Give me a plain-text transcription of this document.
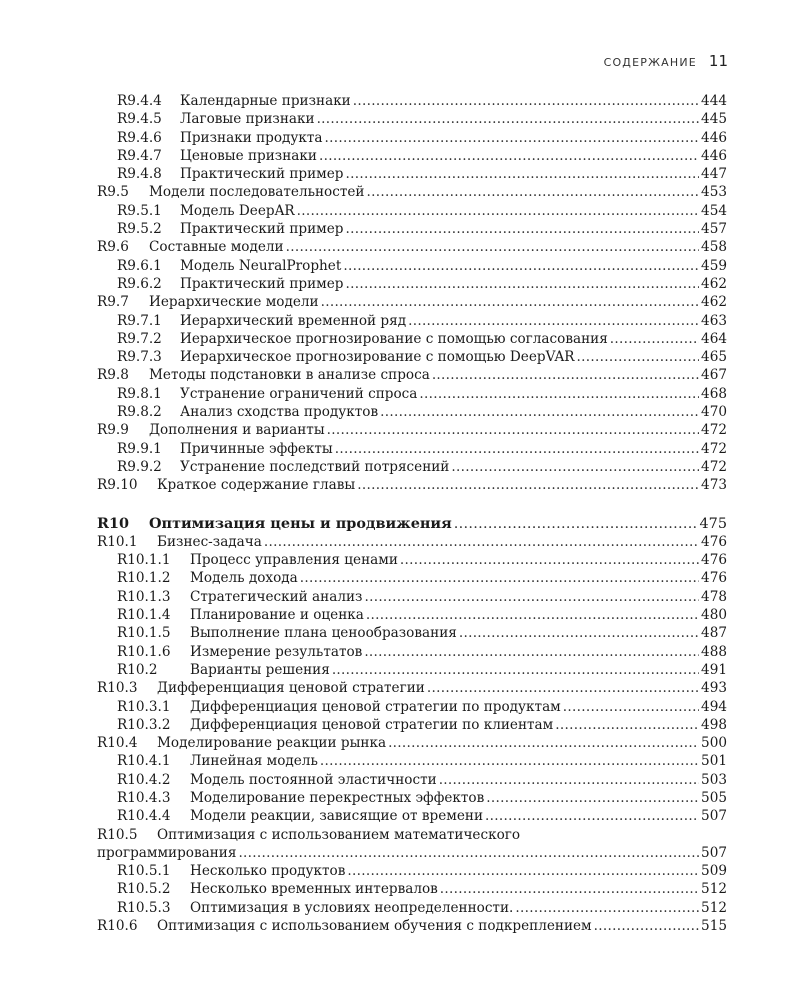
СОДЕРЖАНИЕ 11
R9.4.4	Календарные признаки .....	444
R9.4.5	Лаговые признаки .....	445
R9.4.6	Признаки продукта .....	446
R9.4.7	Ценовые признаки .....	446
R9.4.8	Практический пример .....	447
R9.5	Модели последовательностей .....	453
R9.5.1	Модель DeepAR .....	454
R9.5.2	Практический пример .....	457
R9.6	Составные модели .....	458
R9.6.1	Модель NeuralProphet .....	459
R9.6.2	Практический пример .....	462
R9.7	Иерархические модели .....	462
R9.7.1	Иерархический временной ряд .....	463
R9.7.2	Иерархическое прогнозирование с помощью согласования .....	464
R9.7.3	Иерархическое прогнозирование с помощью DeepVAR .....	465
R9.8	Методы подстановки в анализе спроса .....	467
R9.8.1	Устранение ограничений спроса .....	468
R9.8.2	Анализ сходства продуктов .....	470
R9.9	Дополнения и варианты .....	472
R9.9.1	Причинные эффекты .....	472
R9.9.2	Устранение последствий потрясений .....	472
R9.10	Краткое содержание главы .....	473
R10	Оптимизация цены и продвижения .....	475
R10.1	Бизнес-задача .....	476
R10.1.1	Процесс управления ценами .....	476
R10.1.2	Модель дохода .....	476
R10.1.3	Стратегический анализ .....	478
R10.1.4	Планирование и оценка .....	480
R10.1.5	Выполнение плана ценообразования .....	487
R10.1.6	Измерение результатов .....	488
R10.2	Варианты решения .....	491
R10.3	Дифференциация ценовой стратегии .....	493
R10.3.1	Дифференциация ценовой стратегии по продуктам .....	494
R10.3.2	Дифференциация ценовой стратегии по клиентам .....	498
R10.4	Моделирование реакции рынка .....	500
R10.4.1	Линейная модель .....	501
R10.4.2	Модель постоянной эластичности .....	503
R10.4.3	Моделирование перекрестных эффектов .....	505
R10.4.4	Модели реакции, зависящие от времени .....	507
R10.5	Оптимизация с использованием математического
программирования .....	507
R10.5.1	Несколько продуктов .....	509
R10.5.2	Несколько временных интервалов .....	512
R10.5.3	Оптимизация в условиях неопределенности. .....	512
R10.6	Оптимизация с использованием обучения с подкреплением .....	515
